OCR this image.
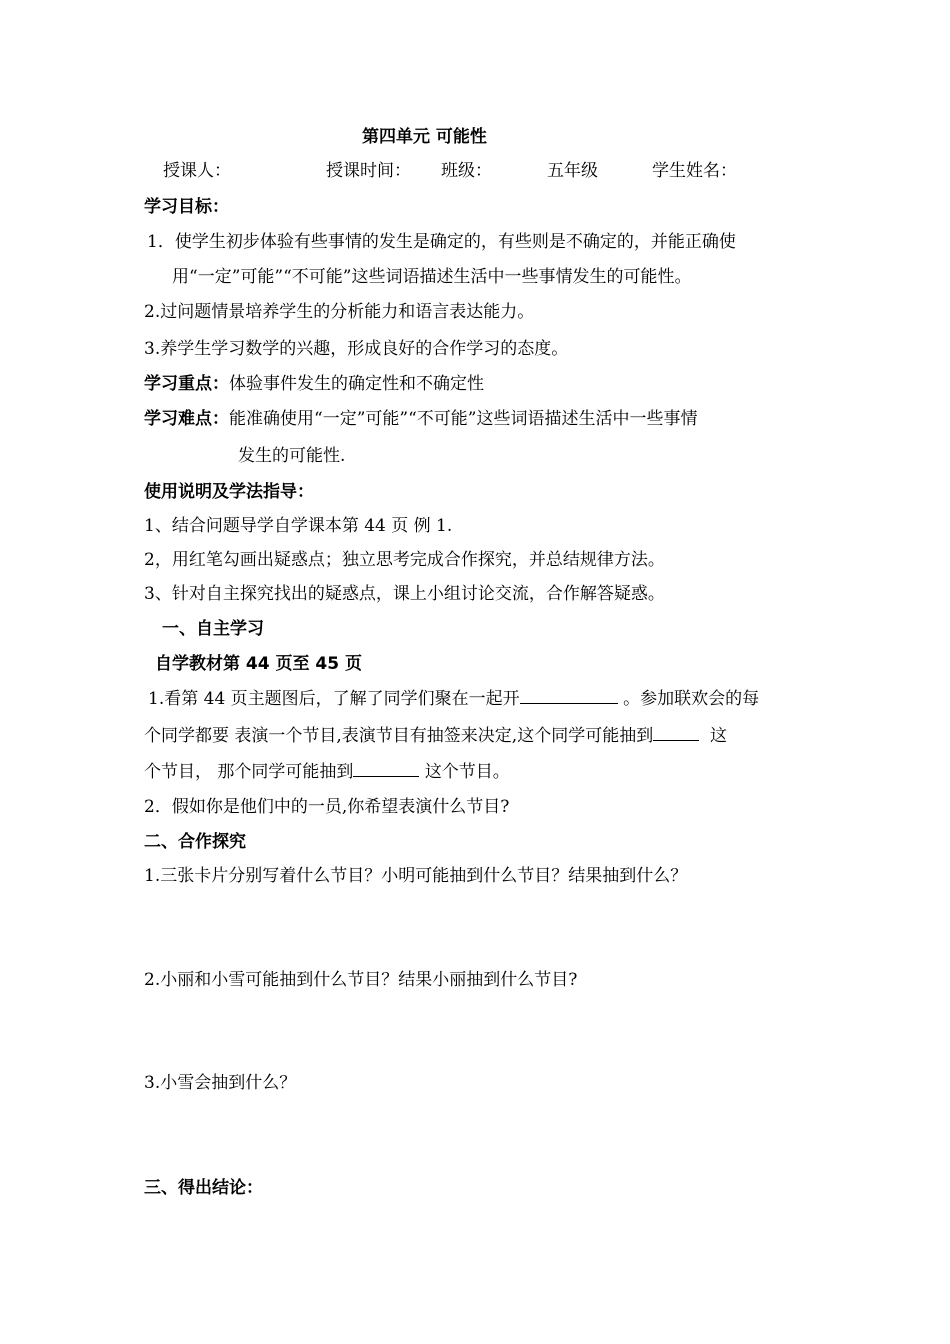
第四单元 可能性
授课人：	授课时间： 班级：	五年级	学生姓名：
学习目标：
1．使学生初步体验有些事情的发生是确定的，有些则是不确定的，并能正确使
用“一定”可能”“不可能”这些词语描述生活中一些事情发生的可能性。
2.过问题情景培养学生的分析能力和语言表达能力。
3.养学生学习数学的兴趣，形成良好的合作学习的态度。
学习重点：体验事件发生的确定性和不确定性
学习难点：能准确使用“一定”可能”“不可能”这些词语描述生活中一些事情
发生的可能性.
使用说明及学法指导：
1、结合问题导学自学课本第 44 页 例 1.
2，用红笔勾画出疑惑点；独立思考完成合作探究，并总结规律方法。
3、针对自主探究找出的疑惑点，课上小组讨论交流，合作解答疑惑。
一、自主学习
自学教材第 44 页至 45 页
1.看第 44 页主题图后，了解了同学们聚在一起开	。参加联欢会的每
个同学都要 表演一个节目,表演节目有抽签来决定,这个同学可能抽到	这
个节目， 那个同学可能抽到	这个节目。
2．假如你是他们中的一员,你希望表演什么节目?
二、合作探究
1.三张卡片分别写着什么节目？小明可能抽到什么节目？结果抽到什么？
2.小丽和小雪可能抽到什么节目？结果小丽抽到什么节目?
3.小雪会抽到什么？
三、得出结论：
